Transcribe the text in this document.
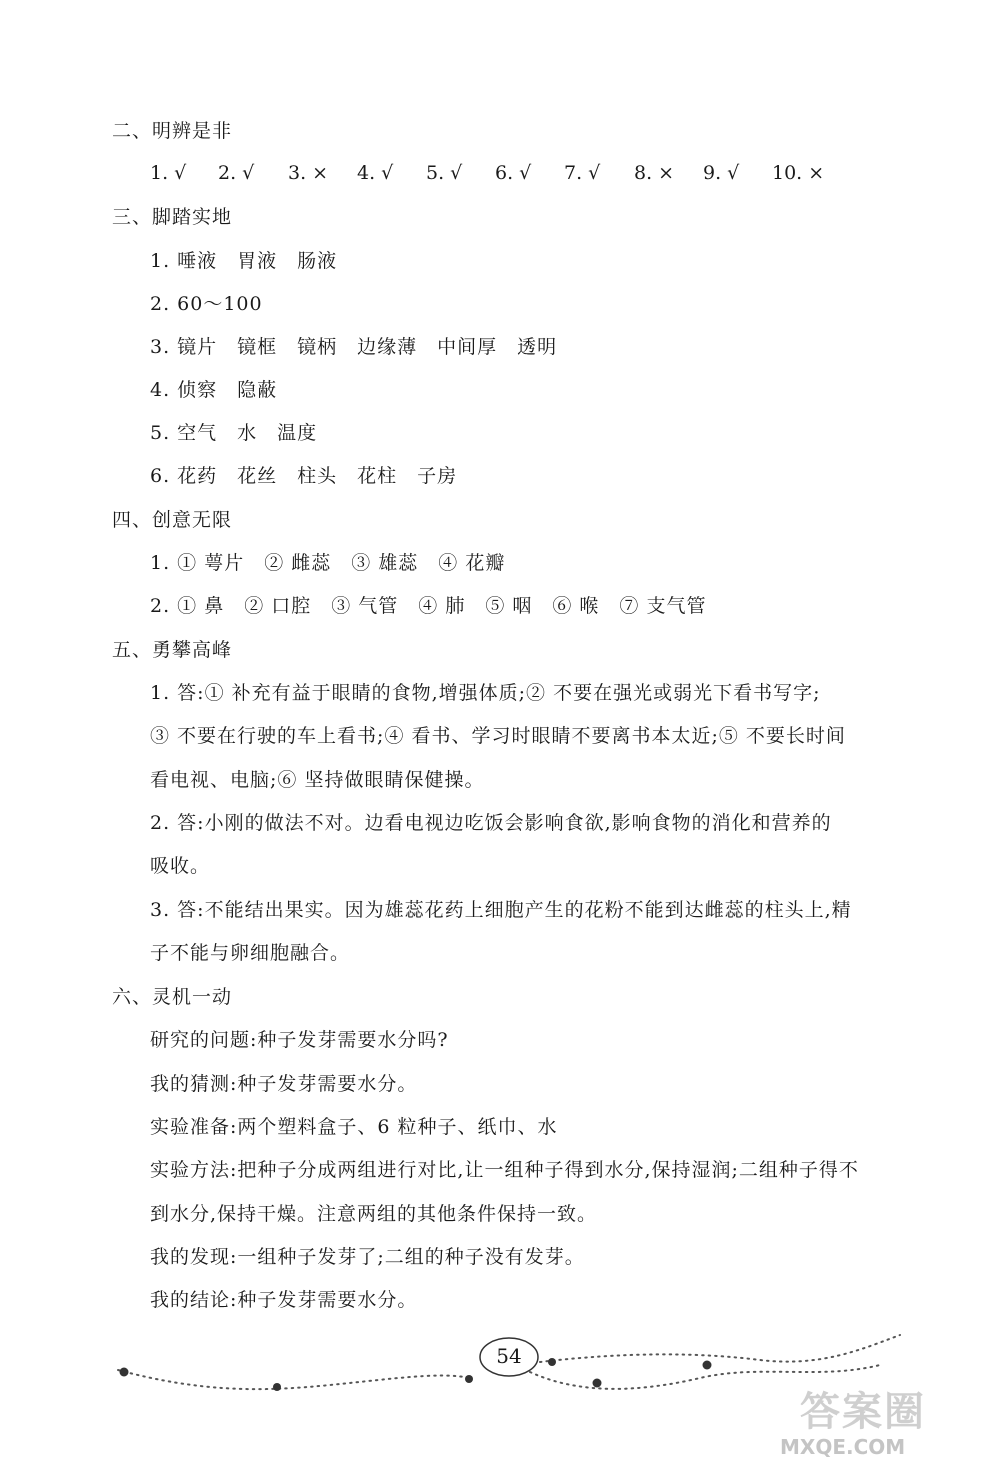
二、明辨是非
1. √ 2. √ 3. × 4. √ 5. √ 6. √ 7. √ 8. × 9. √ 10. ×
三、脚踏实地
1. 唾液　胃液　肠液
2. 60～100
3. 镜片　镜框　镜柄　边缘薄　中间厚　透明
4. 侦察　隐蔽
5. 空气　水　温度
6. 花药　花丝　柱头　花柱　子房
四、创意无限
1. ① 萼片　② 雌蕊　③ 雄蕊　④ 花瓣
2. ① 鼻　② 口腔　③ 气管　④ 肺　⑤ 咽　⑥ 喉　⑦ 支气管
五、勇攀高峰
1. 答:① 补充有益于眼睛的食物,增强体质;② 不要在强光或弱光下看书写字;
③ 不要在行驶的车上看书;④ 看书、学习时眼睛不要离书本太近;⑤ 不要长时间
看电视、电脑;⑥ 坚持做眼睛保健操。
2. 答:小刚的做法不对。边看电视边吃饭会影响食欲,影响食物的消化和营养的
吸收。
3. 答:不能结出果实。因为雄蕊花药上细胞产生的花粉不能到达雌蕊的柱头上,精
子不能与卵细胞融合。
六、灵机一动
研究的问题:种子发芽需要水分吗?
我的猜测:种子发芽需要水分。
实验准备:两个塑料盒子、6 粒种子、纸巾、水
实验方法:把种子分成两组进行对比,让一组种子得到水分,保持湿润;二组种子得不
到水分,保持干燥。注意两组的其他条件保持一致。
我的发现:一组种子发芽了;二组的种子没有发芽。
我的结论:种子发芽需要水分。
54
答案圈
MXQE.COM
